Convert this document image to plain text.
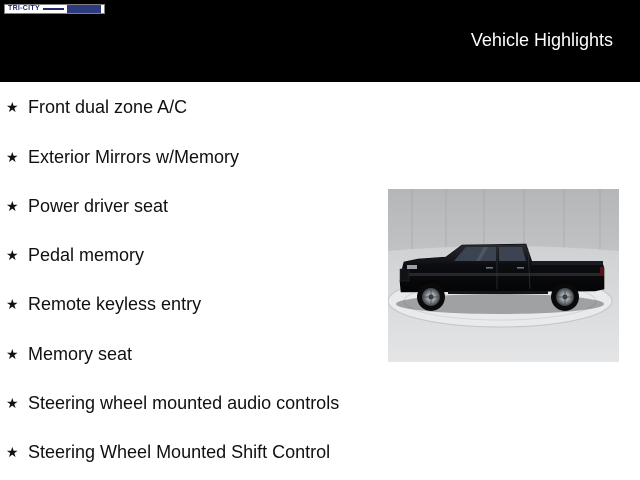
TRI-CITY
Vehicle Highlights
★ Front dual zone A/C
★ Exterior Mirrors w/Memory
★ Power driver seat
★ Pedal memory
★ Remote keyless entry
★ Memory seat
★ Steering wheel mounted audio controls
★ Steering Wheel Mounted Shift Control
